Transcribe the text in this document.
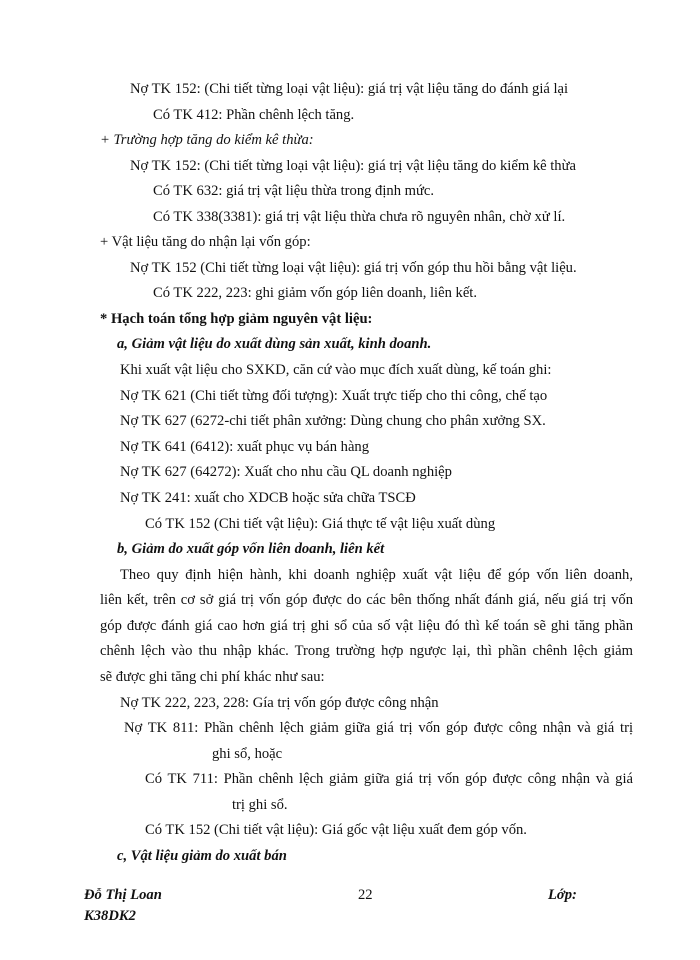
Nợ TK 152: (Chi tiết từng loại vật liệu): giá trị vật liệu tăng do đánh giá lại
Có TK 412: Phần chênh lệch tăng.
+ Trường hợp tăng do kiểm kê thừa:
Nợ TK 152: (Chi tiết từng loại vật liệu): giá trị vật liệu tăng do kiểm kê thừa
Có TK 632: giá trị vật liệu thừa trong định mức.
Có TK 338(3381): giá trị vật liệu thừa chưa rõ nguyên nhân, chờ xử lí.
+ Vật liệu tăng do nhận lại vốn góp:
Nợ TK 152 (Chi tiết từng loại vật liệu): giá trị vốn góp thu hồi bằng vật liệu.
Có TK 222, 223: ghi giảm vốn góp liên doanh, liên kết.
* Hạch toán tổng hợp giảm nguyên vật liệu:
a, Giảm vật liệu do xuất dùng sản xuất, kinh doanh.
Khi xuất vật liệu cho SXKD, căn cứ vào mục đích xuất dùng, kế toán ghi:
Nợ TK 621 (Chi tiết từng đối tượng): Xuất trực tiếp cho thi công, chế tạo
Nợ TK 627 (6272-chi tiết phân xưởng: Dùng chung cho phân xưởng SX.
Nợ TK 641 (6412): xuất phục vụ bán hàng
Nợ TK 627 (64272): Xuất cho nhu cầu QL doanh nghiệp
Nợ TK 241: xuất cho XDCB hoặc sửa chữa TSCĐ
Có TK 152 (Chi tiết vật liệu): Giá thực tế vật liệu xuất dùng
b, Giảm do xuất góp vốn liên doanh, liên kết
Theo quy định hiện hành, khi doanh nghiệp xuất vật liệu để góp vốn liên doanh,
liên kết, trên cơ sở giá trị vốn góp được do các bên thống nhất đánh giá, nếu giá trị vốn
góp được đánh giá cao hơn giá trị ghi sổ của số vật liệu đó thì kế toán sẽ ghi tăng phần
chênh lệch vào thu nhập khác. Trong trường hợp ngược lại, thì phần chênh lệch giảm
sẽ được ghi tăng chi phí khác như sau:
Nợ TK 222, 223, 228: Gía trị vốn góp được công nhận
Nợ TK 811: Phần chênh lệch giảm giữa giá trị vốn góp được công nhận và giá trị
ghi sổ, hoặc
Có TK 711: Phần chênh lệch giảm giữa giá trị vốn góp được công nhận và giá
trị ghi sổ.
Có TK 152 (Chi tiết vật liệu): Giá gốc vật liệu xuất đem góp vốn.
c, Vật liệu giảm do xuất bán
Đỗ Thị Loan	22	Lớp:
K38DK2
